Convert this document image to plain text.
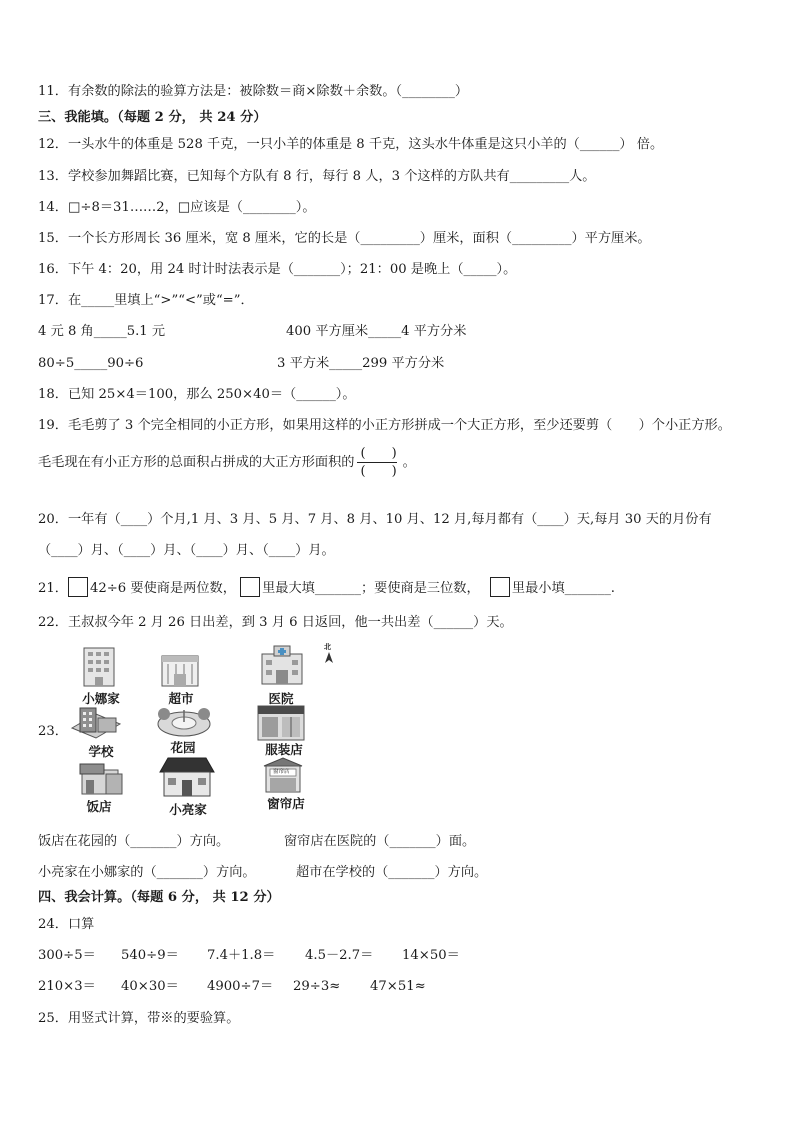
11．有余数的除法的验算方法是：被除数＝商×除数＋余数。（________）
三、我能填。（每题 2 分， 共 24 分）
12．一头水牛的体重是 528 千克，一只小羊的体重是 8 千克，这头水牛体重是这只小羊的（______） 倍。
13．学校参加舞蹈比赛，已知每个方队有 8 行，每行 8 人，3 个这样的方队共有_________人。
14．□÷8＝31……2，□应该是（________）。
15．一个长方形周长 36 厘米，宽 8 厘米，它的长是（_________）厘米，面积（_________）平方厘米。
16．下午 4：20，用 24 时计时法表示是（_______）；21：00 是晚上（_____）。
17．在_____里填上“>”“<”或“=”．
4 元 8 角_____5.1 元	400 平方厘米_____4 平方分米
80÷5_____90÷6	3 平方米_____299 平方分米
18．已知 25×4＝100，那么 250×40＝（______）。
19．毛毛剪了 3 个完全相同的小正方形，如果用这样的小正方形拼成一个大正方形，至少还要剪（　　）个小正方形。
毛毛现在有小正方形的总面积占拼成的大正方形面积的 $\frac{( )}{( )}$ 。
20．一年有（____）个月,1 月、3 月、5 月、7 月、8 月、10 月、12 月,每月都有（____）天,每月 30 天的月份有
（____）月、（____）月、（____）月、（____）月。
21． 42÷6 要使商是两位数， 里最大填_______；要使商是三位数， 里最小填_______.
22．王叔叔今年 2 月 26 日出差，到 3 月 6 日返回，他一共出差（______）天。
23．
北
小娜家	超市	医院
学校	花园	服装店
饭店	小亮家
窗帘店
窗帘店
饭店在花园的（_______）方向。	窗帘店在医院的（_______）面。
小亮家在小娜家的（_______）方向。	超市在学校的（_______）方向。
四、我会计算。（每题 6 分， 共 12 分）
24．口算
300÷5＝ 540÷9＝ 7.4＋1.8＝ 4.5－2.7＝ 14×50＝
210×3＝ 40×30＝ 4900÷7＝ 29÷3≈ 47×51≈
25．用竖式计算，带※的要验算。
